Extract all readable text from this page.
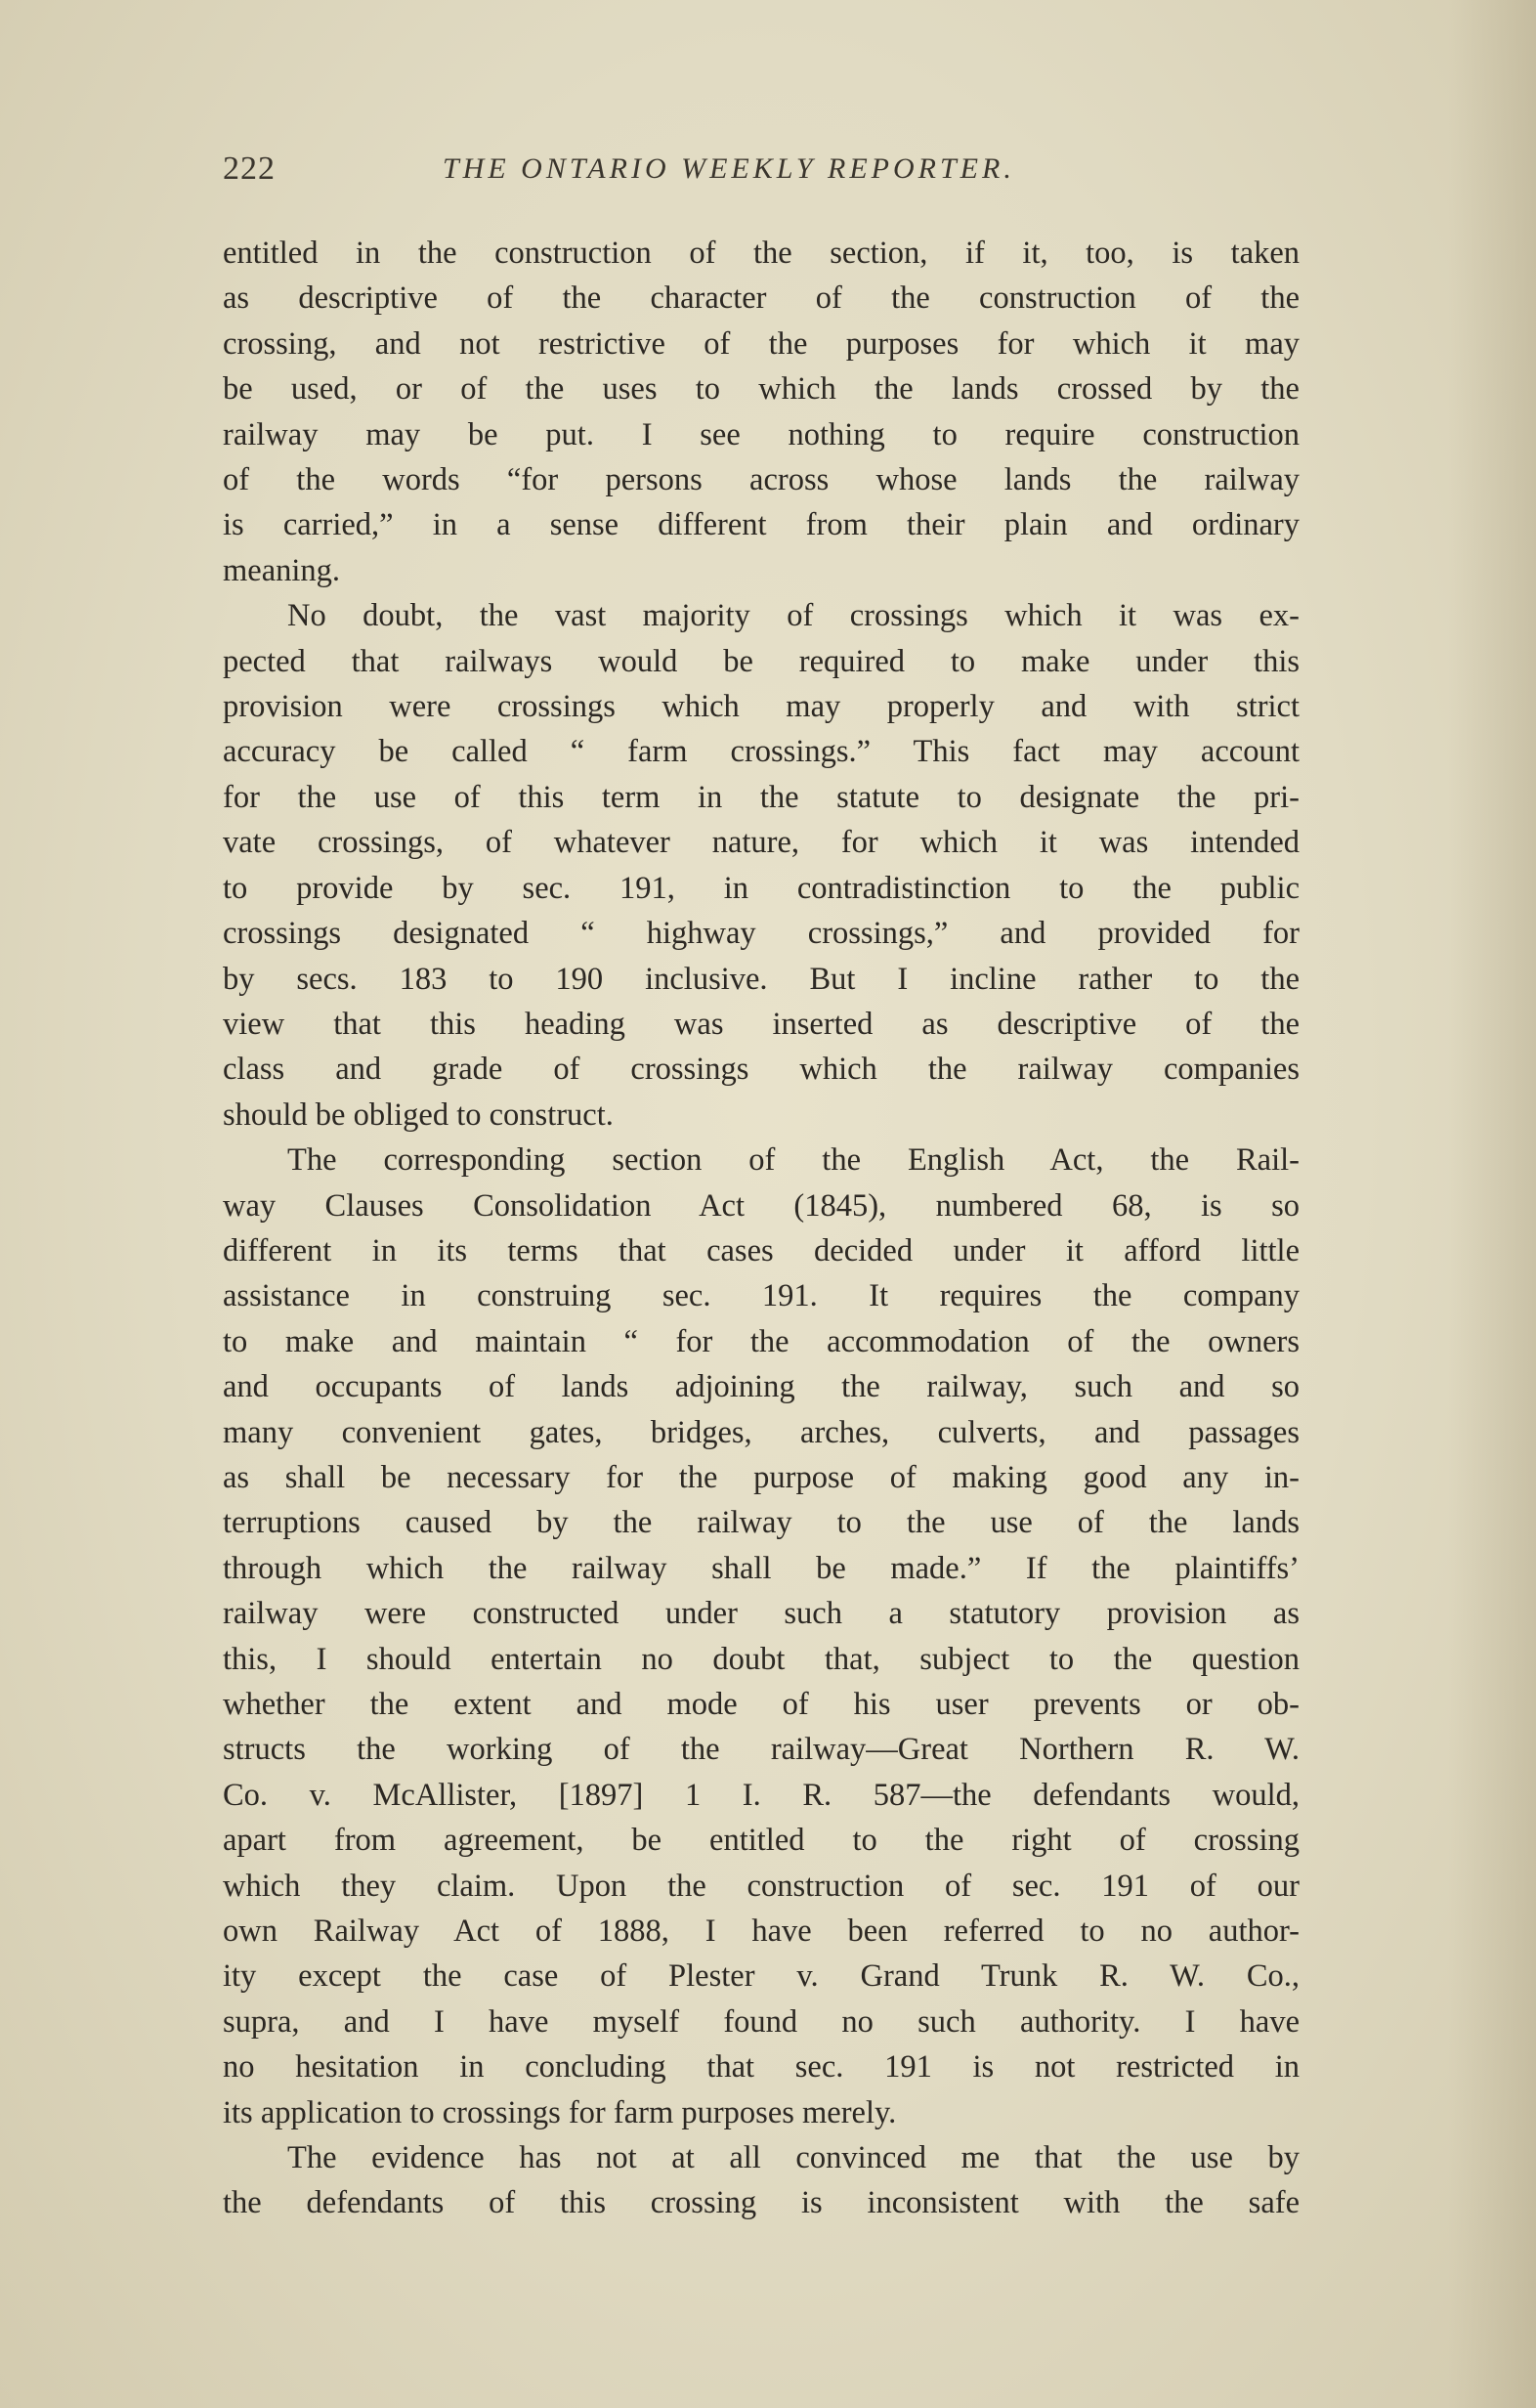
222	THE ONTARIO WEEKLY REPORTER.
entitled in the construction of the section, if it, too, is taken
as descriptive of the character of the construction of the
crossing, and not restrictive of the purposes for which it may
be used, or of the uses to which the lands crossed by the
railway may be put. I see nothing to require construction
of the words “for persons across whose lands the railway
is carried,” in a sense different from their plain and ordinary
meaning.
No doubt, the vast majority of crossings which it was ex-
pected that railways would be required to make under this
provision were crossings which may properly and with strict
accuracy be called “ farm crossings.” This fact may account
for the use of this term in the statute to designate the pri-
vate crossings, of whatever nature, for which it was intended
to provide by sec. 191, in contradistinction to the public
crossings designated “ highway crossings,” and provided for
by secs. 183 to 190 inclusive. But I incline rather to the
view that this heading was inserted as descriptive of the
class and grade of crossings which the railway companies
should be obliged to construct.
The corresponding section of the English Act, the Rail-
way Clauses Consolidation Act (1845), numbered 68, is so
different in its terms that cases decided under it afford little
assistance in construing sec. 191. It requires the company
to make and maintain “ for the accommodation of the owners
and occupants of lands adjoining the railway, such and so
many convenient gates, bridges, arches, culverts, and passages
as shall be necessary for the purpose of making good any in-
terruptions caused by the railway to the use of the lands
through which the railway shall be made.” If the plaintiffs’
railway were constructed under such a statutory provision as
this, I should entertain no doubt that, subject to the question
whether the extent and mode of his user prevents or ob-
structs the working of the railway—Great Northern R. W.
Co. v. McAllister, [1897] 1 I. R. 587—the defendants would,
apart from agreement, be entitled to the right of crossing
which they claim. Upon the construction of sec. 191 of our
own Railway Act of 1888, I have been referred to no author-
ity except the case of Plester v. Grand Trunk R. W. Co.,
supra, and I have myself found no such authority. I have
no hesitation in concluding that sec. 191 is not restricted in
its application to crossings for farm purposes merely.
The evidence has not at all convinced me that the use by
the defendants of this crossing is inconsistent with the safe
